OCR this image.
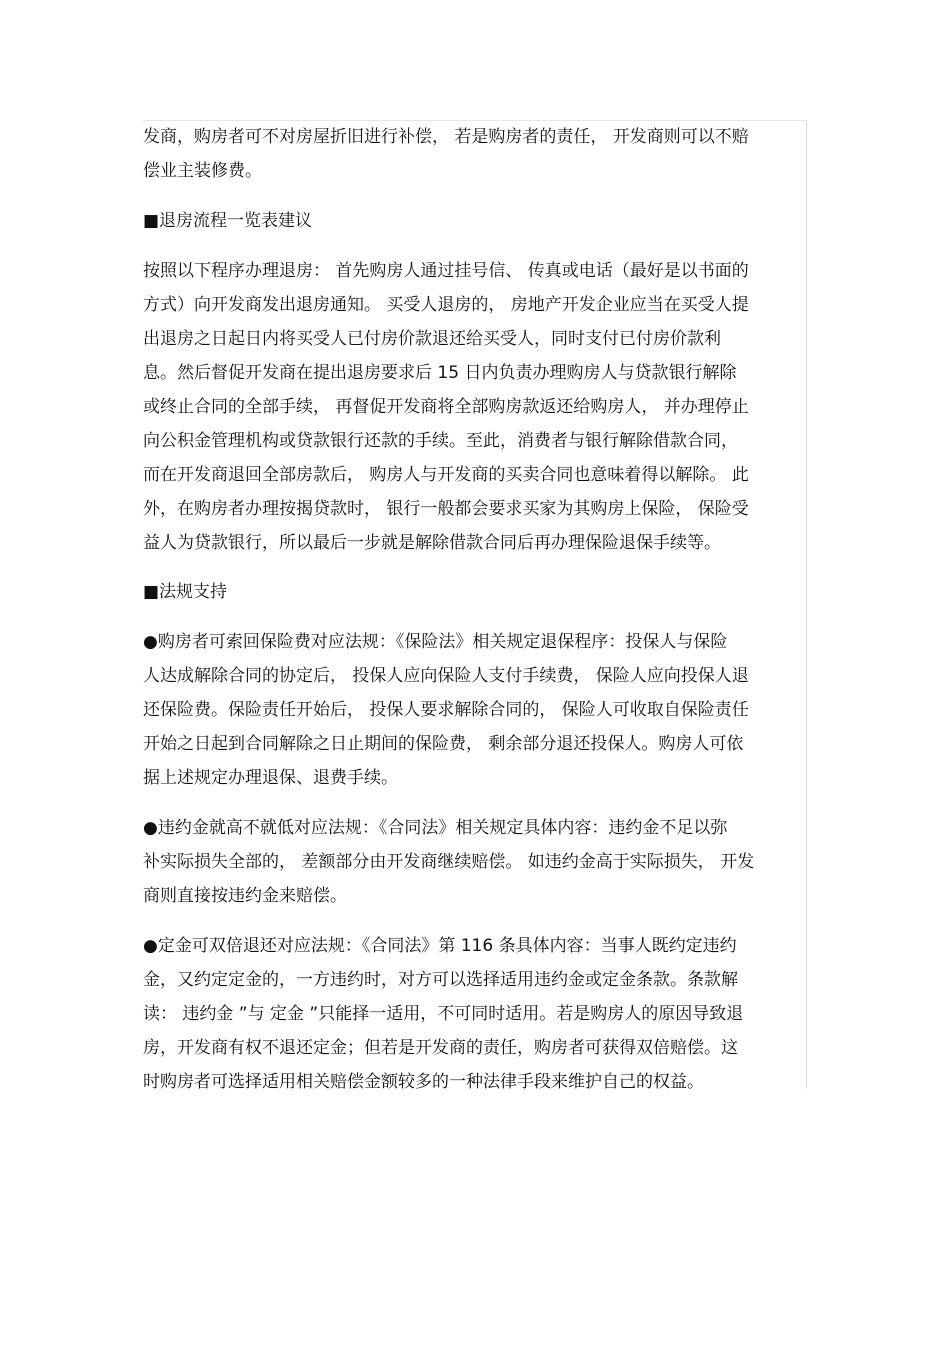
发商，购房者可不对房屋折旧进行补偿， 若是购房者的责任， 开发商则可以不赔
偿业主装修费。
■退房流程一览表建议
按照以下程序办理退房： 首先购房人通过挂号信、 传真或电话（最好是以书面的
方式）向开发商发出退房通知。 买受人退房的， 房地产开发企业应当在买受人提
出退房之日起日内将买受人已付房价款退还给买受人，同时支付已付房价款利
息。然后督促开发商在提出退房要求后 15 日内负责办理购房人与贷款银行解除
或终止合同的全部手续， 再督促开发商将全部购房款返还给购房人， 并办理停止
向公积金管理机构或贷款银行还款的手续。至此，消费者与银行解除借款合同，
而在开发商退回全部房款后， 购房人与开发商的买卖合同也意味着得以解除。 此
外，在购房者办理按揭贷款时， 银行一般都会要求买家为其购房上保险， 保险受
益人为贷款银行，所以最后一步就是解除借款合同后再办理保险退保手续等。
■法规支持
●购房者可索回保险费对应法规：《保险法》相关规定退保程序：投保人与保险
人达成解除合同的协定后， 投保人应向保险人支付手续费， 保险人应向投保人退
还保险费。保险责任开始后， 投保人要求解除合同的， 保险人可收取自保险责任
开始之日起到合同解除之日止期间的保险费， 剩余部分退还投保人。购房人可依
据上述规定办理退保、退费手续。
●违约金就高不就低对应法规：《合同法》相关规定具体内容：违约金不足以弥
补实际损失全部的， 差额部分由开发商继续赔偿。 如违约金高于实际损失， 开发
商则直接按违约金来赔偿。
●定金可双倍退还对应法规：《合同法》第 116 条具体内容：当事人既约定违约
金，又约定定金的，一方违约时，对方可以选择适用违约金或定金条款。条款解
读： 违约金 ”与 定金 ”只能择一适用，不可同时适用。若是购房人的原因导致退
房，开发商有权不退还定金；但若是开发商的责任，购房者可获得双倍赔偿。这
时购房者可选择适用相关赔偿金额较多的一种法律手段来维护自己的权益。
